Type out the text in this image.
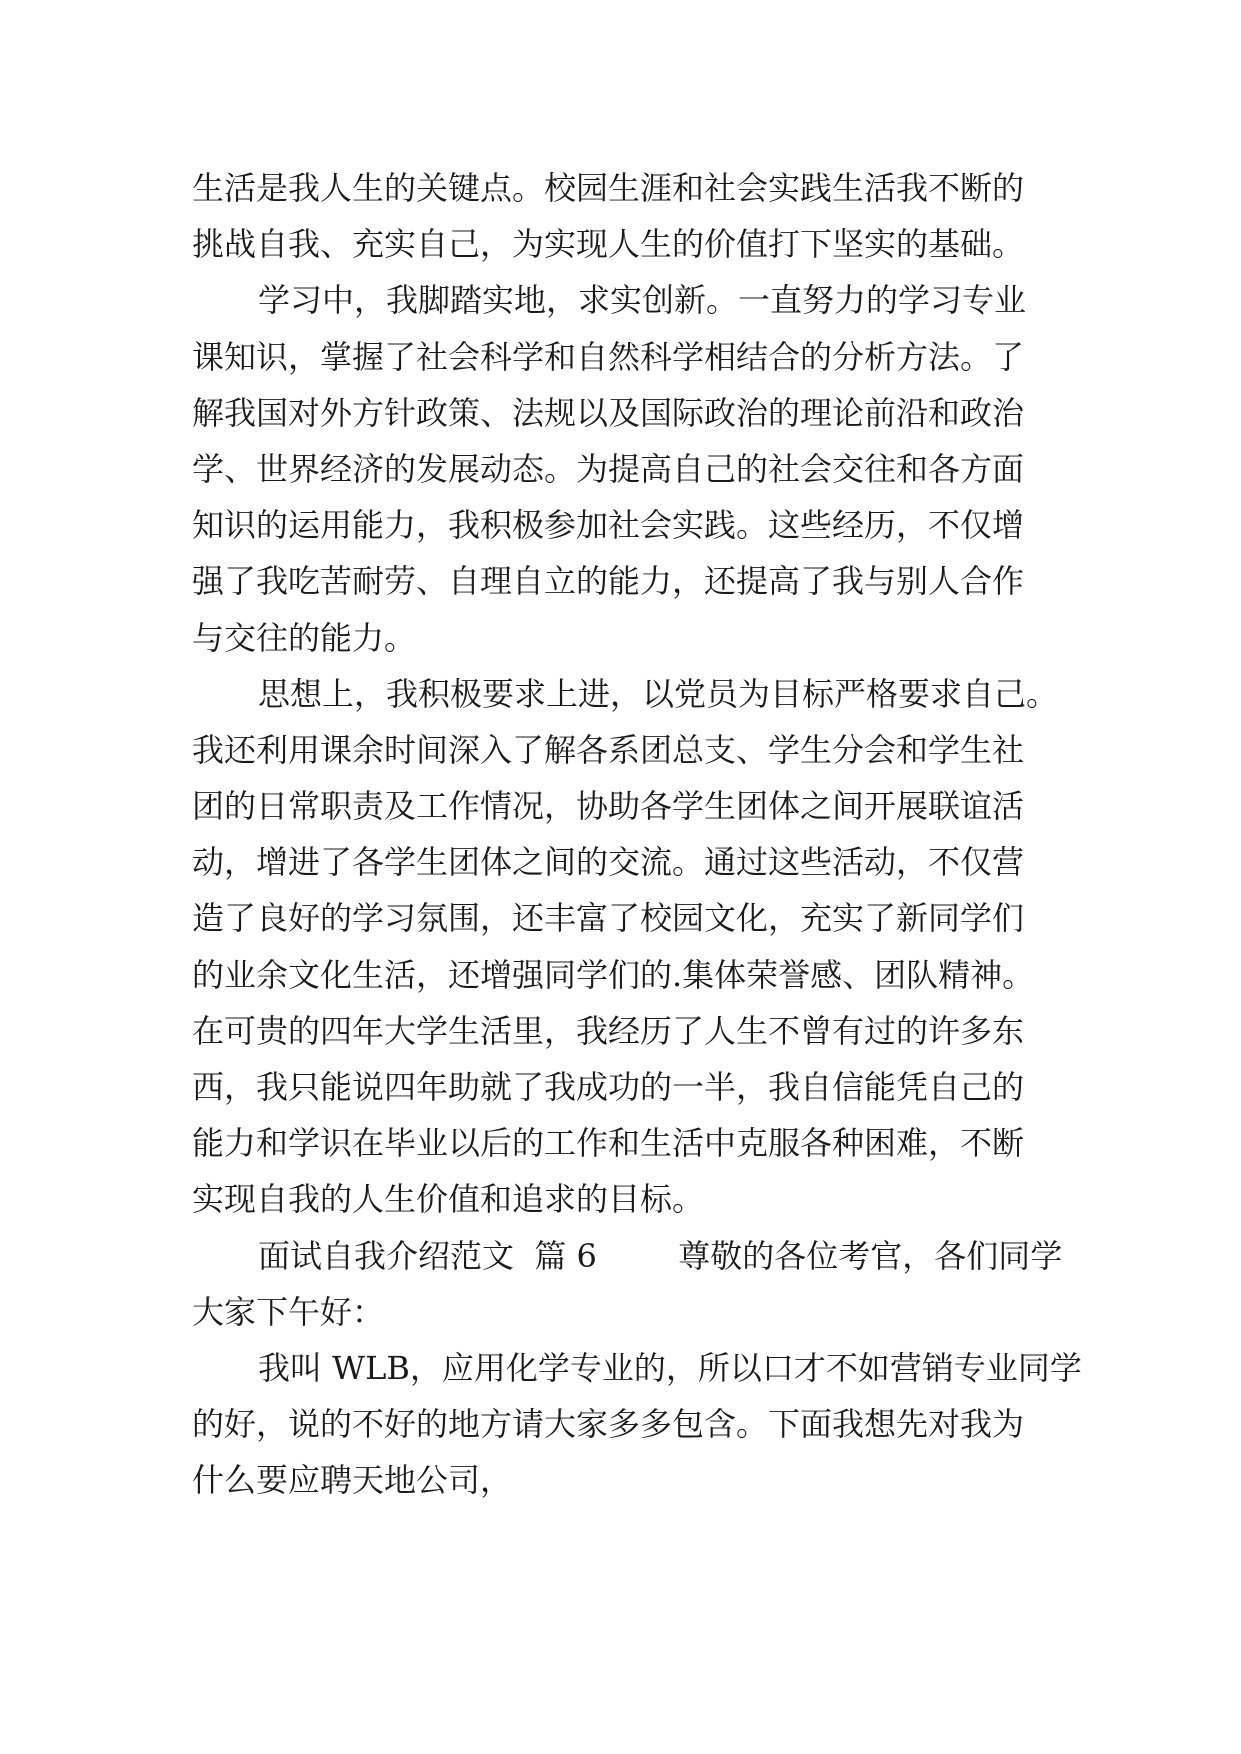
生活是我人生的关键点。校园生涯和社会实践生活我不断的
挑战自我、充实自己，为实现人生的价值打下坚实的基础。
学习中，我脚踏实地，求实创新。一直努力的学习专业
课知识，掌握了社会科学和自然科学相结合的分析方法。了
解我国对外方针政策、法规以及国际政治的理论前沿和政治
学、世界经济的发展动态。为提高自己的社会交往和各方面
知识的运用能力，我积极参加社会实践。这些经历，不仅增
强了我吃苦耐劳、自理自立的能力，还提高了我与别人合作
与交往的能力。
思想上，我积极要求上进，以党员为目标严格要求自己。
我还利用课余时间深入了解各系团总支、学生分会和学生社
团的日常职责及工作情况，协助各学生团体之间开展联谊活
动，增进了各学生团体之间的交流。通过这些活动，不仅营
造了良好的学习氛围，还丰富了校园文化，充实了新同学们
的业余文化生活，还增强同学们的.集体荣誉感、团队精神。
在可贵的四年大学生活里，我经历了人生不曾有过的许多东
西，我只能说四年助就了我成功的一半，我自信能凭自己的
能力和学识在毕业以后的工作和生活中克服各种困难，不断
实现自我的人生价值和追求的目标。
面试自我介绍范文  篇 6        尊敬的各位考官，各们同学
大家下午好：
我叫 WLB，应用化学专业的，所以口才不如营销专业同学
的好，说的不好的地方请大家多多包含。下面我想先对我为
什么要应聘天地公司，
